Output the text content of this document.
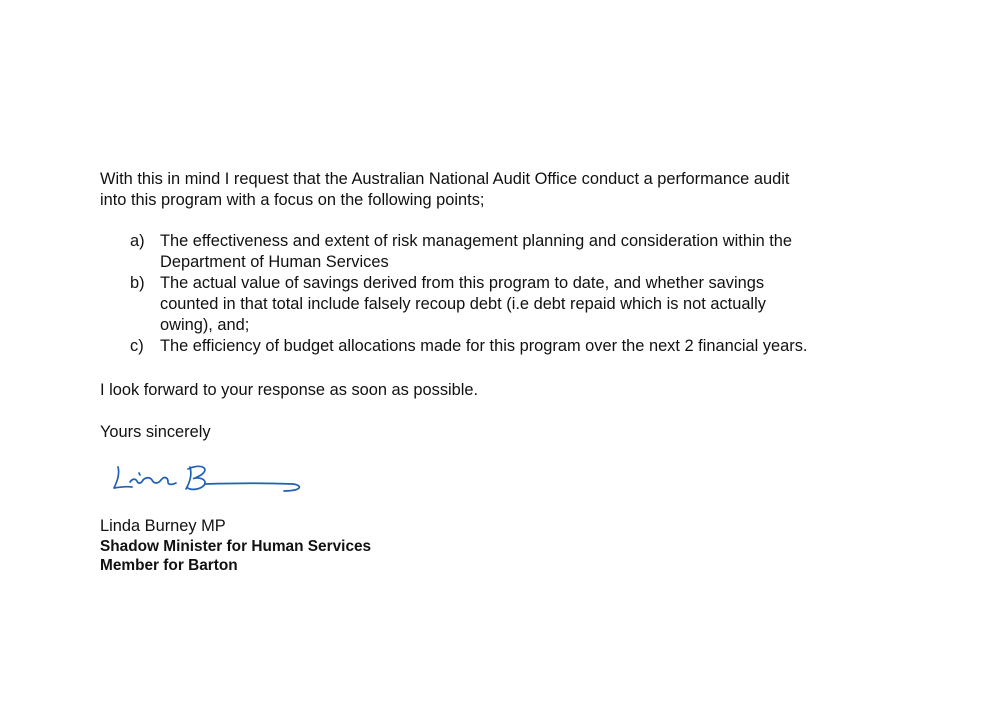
With this in mind I request that the Australian National Audit Office conduct a performance audit
into this program with a focus on the following points;

a) The effectiveness and extent of risk management planning and consideration within the
Department of Human Services
b) The actual value of savings derived from this program to date, and whether savings
counted in that total include falsely recoup debt (i.e debt repaid which is not actually
owing), and;
c) The efficiency of budget allocations made for this program over the next 2 financial years.

I look forward to your response as soon as possible.

Yours sincerely

Linda Burney MP
Shadow Minister for Human Services
Member for Barton
